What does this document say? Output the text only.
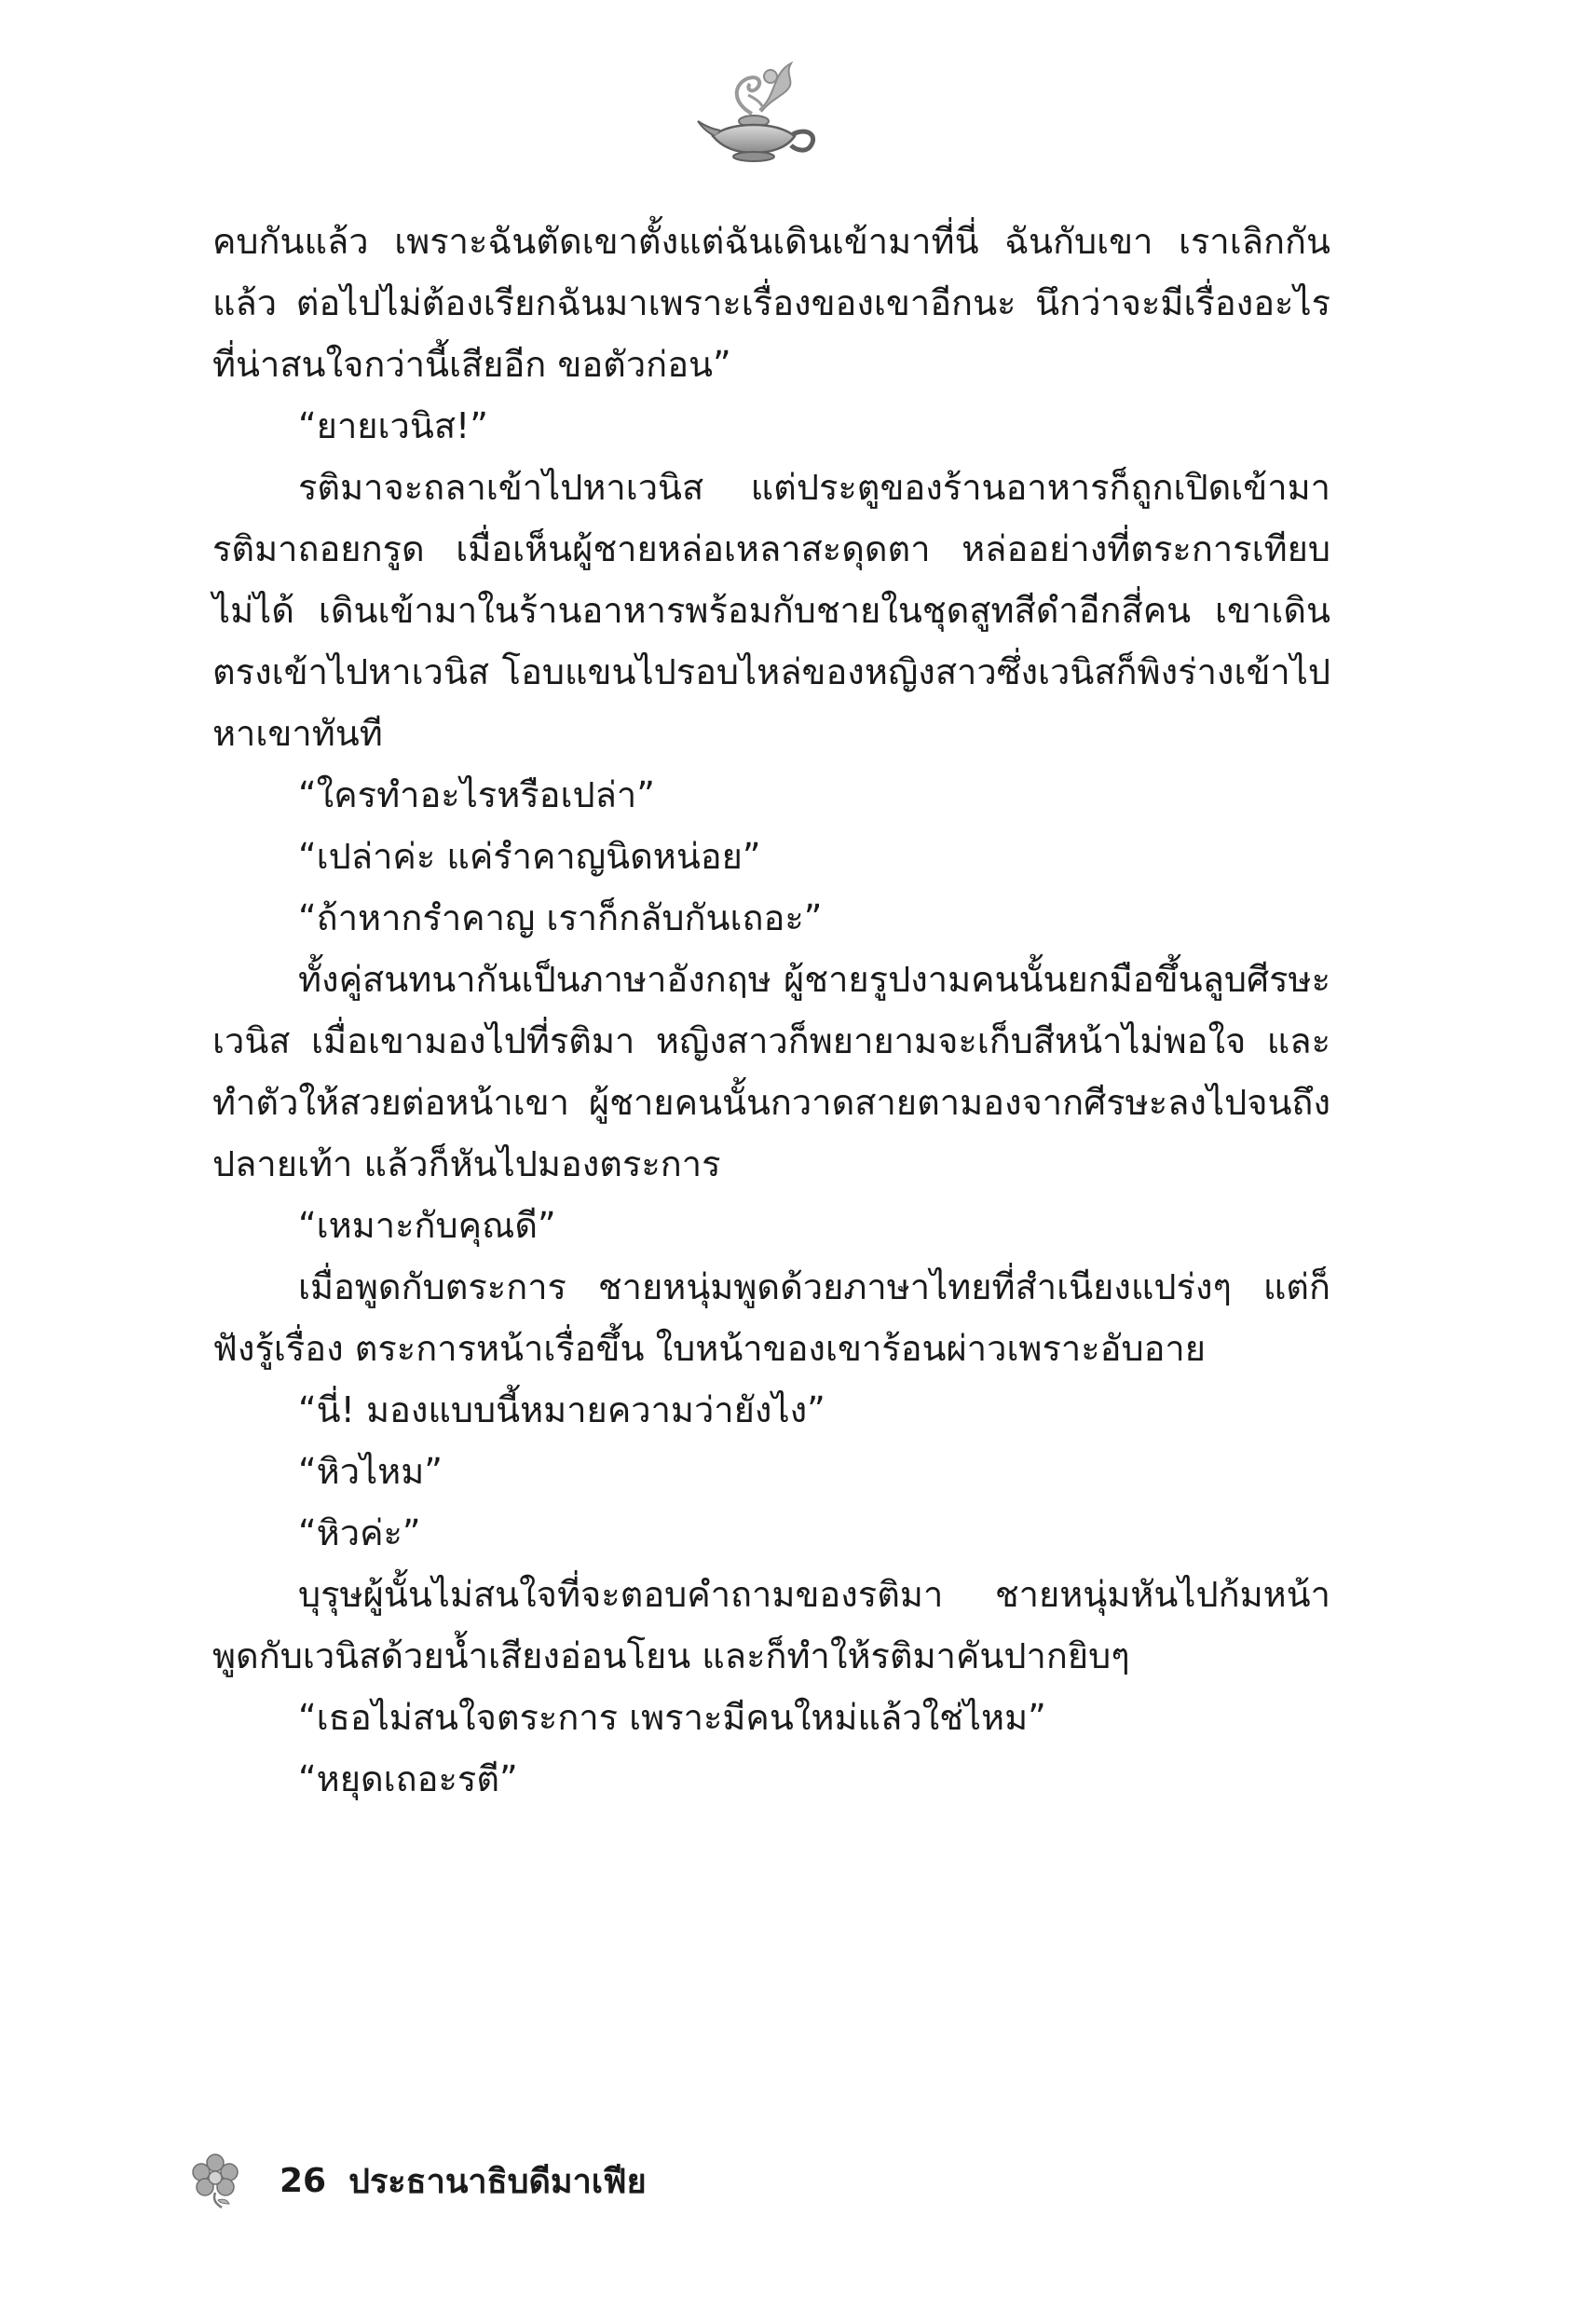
คบกันแล้ว เพราะฉันตัดเขาตั้งแต่ฉันเดินเข้ามาที่นี่ ฉันกับเขา เราเลิกกันแล้ว ต่อไปไม่ต้องเรียกฉันมาเพราะเรื่องของเขาอีกนะ นึกว่าจะมีเรื่องอะไรที่น่าสนใจกว่านี้เสียอีก ขอตัวก่อน”

“ยายเวนิส!”

รติมาจะถลาเข้าไปหาเวนิส แต่ประตูของร้านอาหารก็ถูกเปิดเข้ามา รติมาถอยกรูด เมื่อเห็นผู้ชายหล่อเหลาสะดุดตา หล่ออย่างที่ตระการเทียบไม่ได้ เดินเข้ามาในร้านอาหารพร้อมกับชายในชุดสูทสีดำอีกสี่คน เขาเดินตรงเข้าไปหาเวนิส โอบแขนไปรอบไหล่ของหญิงสาวซึ่งเวนิสก็พิงร่างเข้าไปหาเขาทันที

“ใครทำอะไรหรือเปล่า”

“เปล่าค่ะ แค่รำคาญนิดหน่อย”

“ถ้าหากรำคาญ เราก็กลับกันเถอะ”

ทั้งคู่สนทนากันเป็นภาษาอังกฤษ ผู้ชายรูปงามคนนั้นยกมือขึ้นลูบศีรษะเวนิส เมื่อเขามองไปที่รติมา หญิงสาวก็พยายามจะเก็บสีหน้าไม่พอใจ และทำตัวให้สวยต่อหน้าเขา ผู้ชายคนนั้นกวาดสายตามองจากศีรษะลงไปจนถึงปลายเท้า แล้วก็หันไปมองตระการ

“เหมาะกับคุณดี”

เมื่อพูดกับตระการ ชายหนุ่มพูดด้วยภาษาไทยที่สำเนียงแปร่งๆ แต่ก็ฟังรู้เรื่อง ตระการหน้าเรื่อขึ้น ใบหน้าของเขาร้อนผ่าวเพราะอับอาย

“นี่! มองแบบนี้หมายความว่ายังไง”

“หิวไหม”

“หิวค่ะ”

บุรุษผู้นั้นไม่สนใจที่จะตอบคำถามของรติมา ชายหนุ่มหันไปก้มหน้าพูดกับเวนิสด้วยน้ำเสียงอ่อนโยน และก็ทำให้รติมาคันปากยิบๆ

“เธอไม่สนใจตระการ เพราะมีคนใหม่แล้วใช่ไหม”

“หยุดเถอะรตี”

26 ประธานาธิบดีมาเฟีย
